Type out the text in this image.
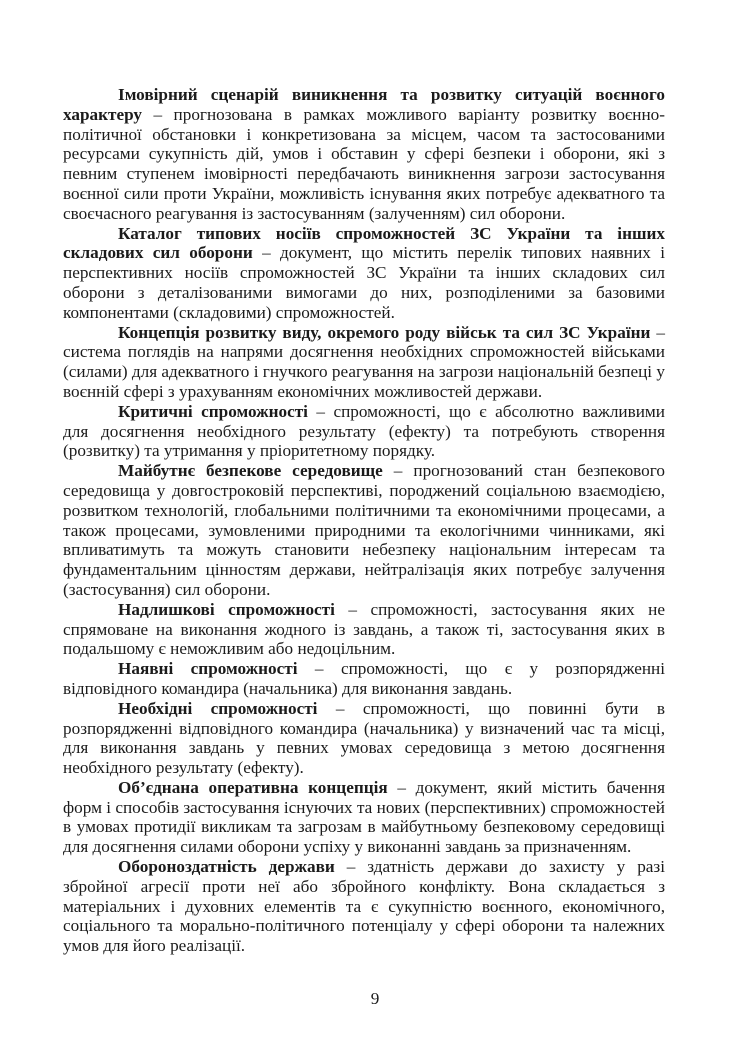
Імовірний сценарій виникнення та розвитку ситуацій воєнного характеру – прогнозована в рамках можливого варіанту розвитку воєнно-політичної обстановки і конкретизована за місцем, часом та застосованими ресурсами сукупність дій, умов і обставин у сфері безпеки і оборони, які з певним ступенем імовірності передбачають виникнення загрози застосування воєнної сили проти України, можливість існування яких потребує адекватного та своєчасного реагування із застосуванням (залученням) сил оборони.

Каталог типових носіїв спроможностей ЗС України та інших складових сил оборони – документ, що містить перелік типових наявних і перспективних носіїв спроможностей ЗС України та інших складових сил оборони з деталізованими вимогами до них, розподіленими за базовими компонентами (складовими) спроможностей.

Концепція розвитку виду, окремого роду військ та сил ЗС України – система поглядів на напрями досягнення необхідних спроможностей військами (силами) для адекватного і гнучкого реагування на загрози національній безпеці у воєнній сфері з урахуванням економічних можливостей держави.

Критичні спроможності – спроможності, що є абсолютно важливими для досягнення необхідного результату (ефекту) та потребують створення (розвитку) та утримання у пріоритетному порядку.

Майбутнє безпекове середовище – прогнозований стан безпекового середовища у довгостроковій перспективі, породжений соціальною взаємодією, розвитком технологій, глобальними політичними та економічними процесами, а також процесами, зумовленими природними та екологічними чинниками, які впливатимуть та можуть становити небезпеку національним інтересам та фундаментальним цінностям держави, нейтралізація яких потребує залучення (застосування) сил оборони.

Надлишкові спроможності – спроможності, застосування яких не спрямоване на виконання жодного із завдань, а також ті, застосування яких в подальшому є неможливим або недоцільним.

Наявні спроможності – спроможності, що є у розпорядженні відповідного командира (начальника) для виконання завдань.

Необхідні спроможності – спроможності, що повинні бути в розпорядженні відповідного командира (начальника) у визначений час та місці, для виконання завдань у певних умовах середовища з метою досягнення необхідного результату (ефекту).

Об’єднана оперативна концепція – документ, який містить бачення форм і способів застосування існуючих та нових (перспективних) спроможностей в умовах протидії викликам та загрозам в майбутньому безпековому середовищі для досягнення силами оборони успіху у виконанні завдань за призначенням.

Обороноздатність держави – здатність держави до захисту у разі збройної агресії проти неї або збройного конфлікту. Вона складається з матеріальних і духовних елементів та є сукупністю воєнного, економічного, соціального та морально-політичного потенціалу у сфері оборони та належних умов для його реалізації.

9
